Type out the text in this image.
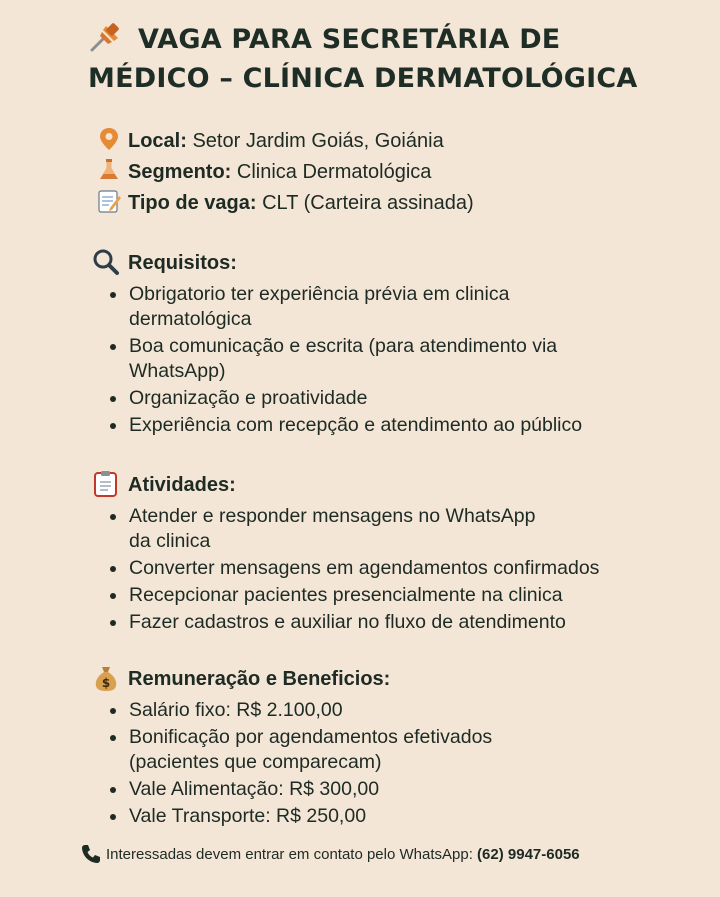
VAGA PARA SECRETÁRIA DE
MÉDICO – CLÍNICA DERMATOLÓGICA
Local: Setor Jardim Goiás, Goiánia
Segmento: Clinica Dermatológica
Tipo de vaga: CLT (Carteira assinada)
Requisitos:
Obrigatorio ter experiência prévia em clinica dermatológica
Boa comunicação e escrita (para atendimento via WhatsApp)
Organização e proatividade
Experiência com recepção e atendimento ao público
Atividades:
Atender e responder mensagens no WhatsApp da clinica
Converter mensagens em agendamentos confirmados
Recepcionar pacientes presencialmente na clinica
Fazer cadastros e auxiliar no fluxo de atendimento
$ Remuneração e Beneficios:
Salário fixo: R$ 2.100,00
Bonificação por agendamentos efetivados (pacientes que comparecam)
Vale Alimentação: R$ 300,00
Vale Transporte: R$ 250,00
Interessadas devem entrar em contato pelo WhatsApp: (62) 9947-6056
